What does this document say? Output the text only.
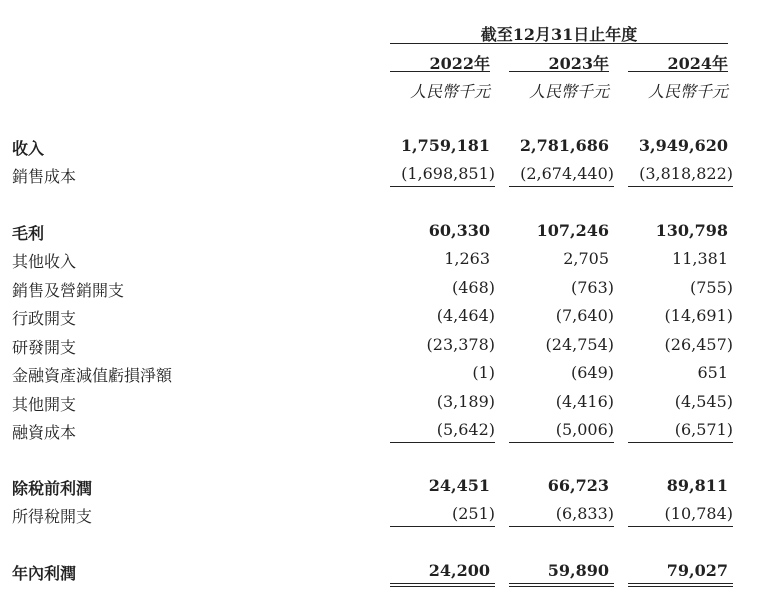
截至12月31日止年度
2022年	2023年	2024年
人民幣千元	人民幣千元	人民幣千元
收入	1,759,181	2,781,686	3,949,620
銷售成本	(1,698,851)	(2,674,440)	(3,818,822)
毛利	60,330	107,246	130,798
其他收入	1,263	2,705	11,381
銷售及營銷開支	(468)	(763)	(755)
行政開支	(4,464)	(7,640)	(14,691)
研發開支	(23,378)	(24,754)	(26,457)
金融資產減值虧損淨額	(1)	(649)	651
其他開支	(3,189)	(4,416)	(4,545)
融資成本	(5,642)	(5,006)	(6,571)
除稅前利潤	24,451	66,723	89,811
所得稅開支	(251)	(6,833)	(10,784)
年內利潤	24,200	59,890	79,027
